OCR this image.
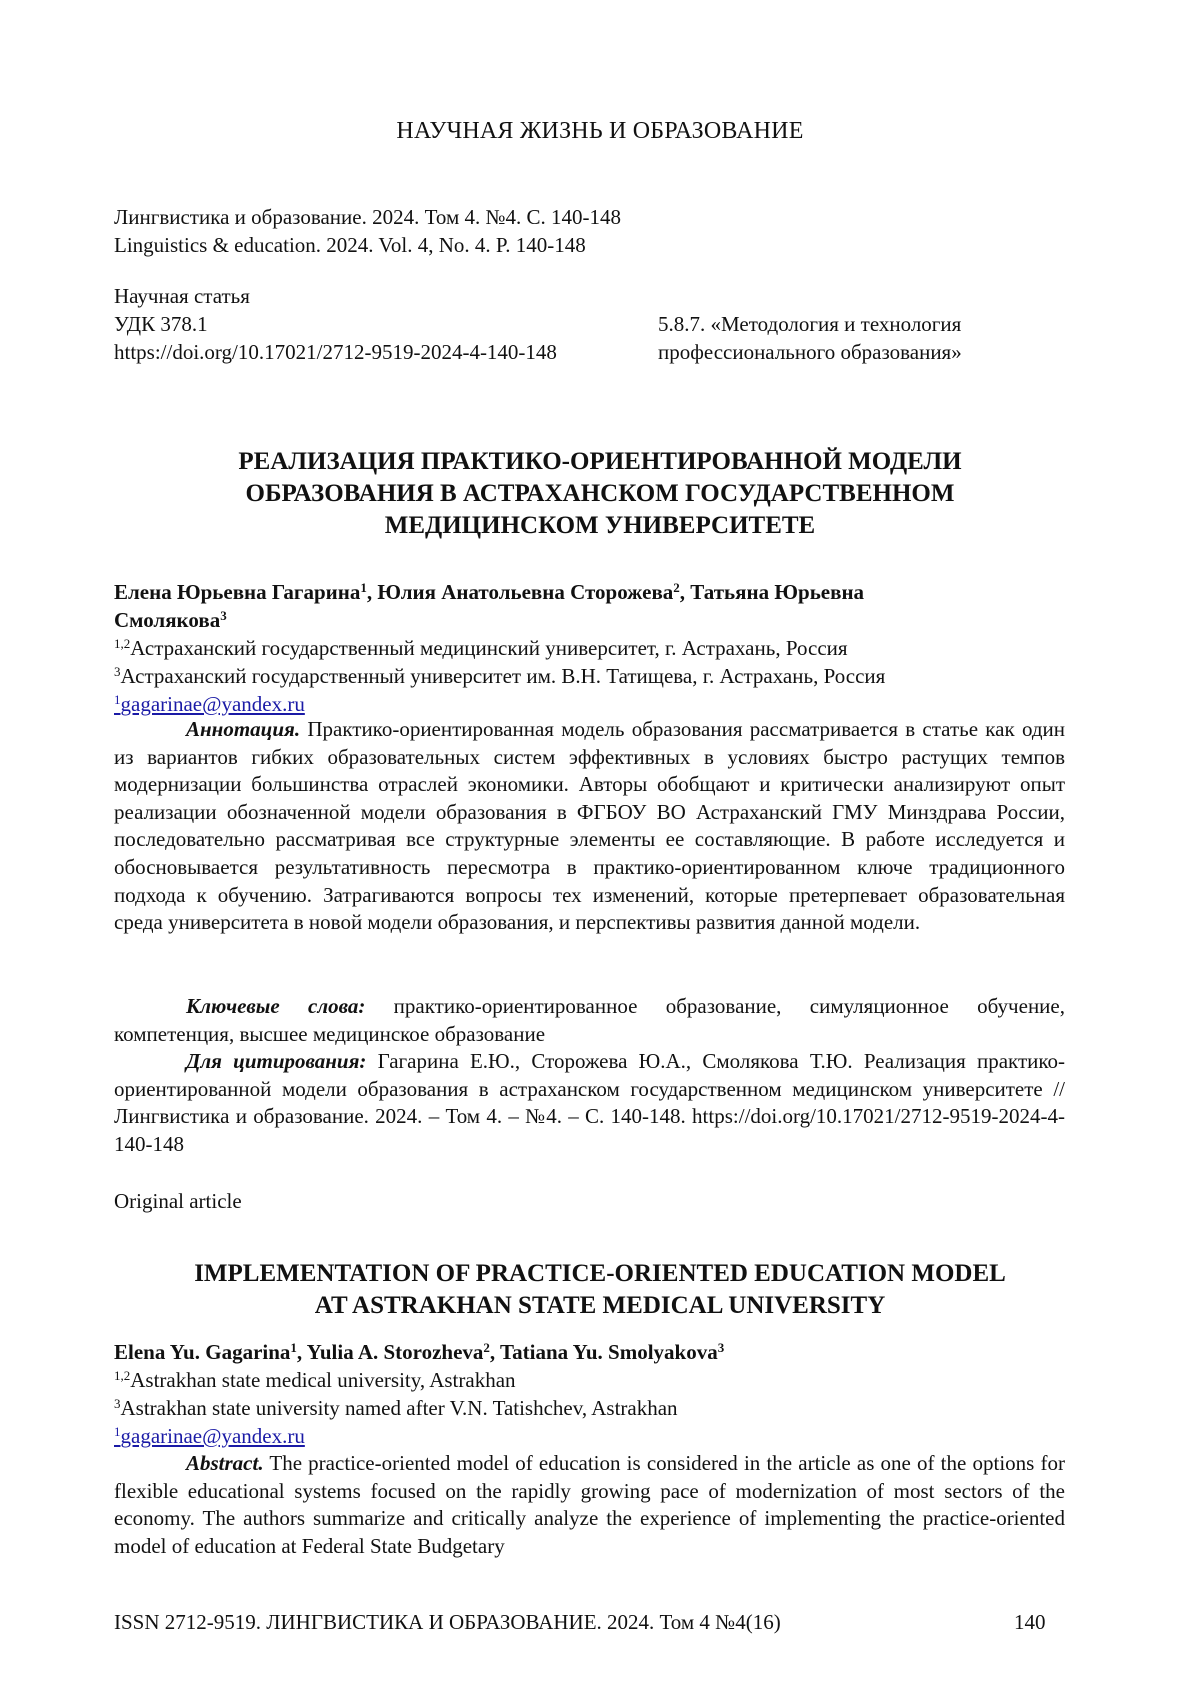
НАУЧНАЯ ЖИЗНЬ И ОБРАЗОВАНИЕ
Лингвистика и образование. 2024. Том 4. №4. С. 140-148
Linguistics & education. 2024. Vol. 4, No. 4. P. 140-148
Научная статья
УДК 378.1
https://doi.org/10.17021/2712-9519-2024-4-140-148
5.8.7. «Методология и технология
профессионального образования»
РЕАЛИЗАЦИЯ ПРАКТИКО-ОРИЕНТИРОВАННОЙ МОДЕЛИ
ОБРАЗОВАНИЯ В АСТРАХАНСКОМ ГОСУДАРСТВЕННОМ
МЕДИЦИНСКОМ УНИВЕРСИТЕТЕ
Елена Юрьевна Гагарина$^1$, Юлия Анатольевна Сторожева$^2$, Татьяна Юрьевна
Смолякова$^3$
$^{1,2}$Астраханский государственный медицинский университет, г. Астрахань, Россия
$^3$Астраханский государственный университет им. В.Н. Татищева, г. Астрахань, Россия
$^1$gagarinae@yandex.ru
Аннотация. Практико-ориентированная модель образования рассматривается в статье как один из вариантов гибких образовательных систем эффективных в условиях быстро растущих темпов модернизации большинства отраслей экономики. Авторы обобщают и критически анализируют опыт реализации обозначенной модели образования в ФГБОУ ВО Астраханский ГМУ Минздрава России, последовательно рассматривая все структурные элементы ее составляющие. В работе исследуется и обосновывается результативность пересмотра в практико-ориентированном ключе традиционного подхода к обучению. Затрагиваются вопросы тех изменений, которые претерпевает образовательная среда университета в новой модели образования, и перспективы развития данной модели.
Ключевые слова: практико-ориентированное образование, симуляционное обучение, компетенция, высшее медицинское образование
Для цитирования: Гагарина Е.Ю., Сторожева Ю.А., Смолякова Т.Ю. Реализация практико-ориентированной модели образования в астраханском государственном медицинском университете // Лингвистика и образование. 2024. – Том 4. – №4. – С. 140-148. https://doi.org/10.17021/2712-9519-2024-4-140-148
Original article
IMPLEMENTATION OF PRACTICE-ORIENTED EDUCATION MODEL
AT ASTRAKHAN STATE MEDICAL UNIVERSITY
Elena Yu. Gagarina$^1$, Yulia A. Storozheva$^2$, Tatiana Yu. Smolyakova$^3$
$^{1,2}$Astrakhan state medical university, Astrakhan
$^3$Astrakhan state university named after V.N. Tatishchev, Astrakhan
$^1$gagarinae@yandex.ru
Abstract. The practice-oriented model of education is considered in the article as one of the options for flexible educational systems focused on the rapidly growing pace of modernization of most sectors of the economy. The authors summarize and critically analyze the experience of implementing the practice-oriented model of education at Federal State Budgetary
ISSN 2712-9519. ЛИНГВИСТИКА И ОБРАЗОВАНИЕ. 2024. Том 4 №4(16)	140
